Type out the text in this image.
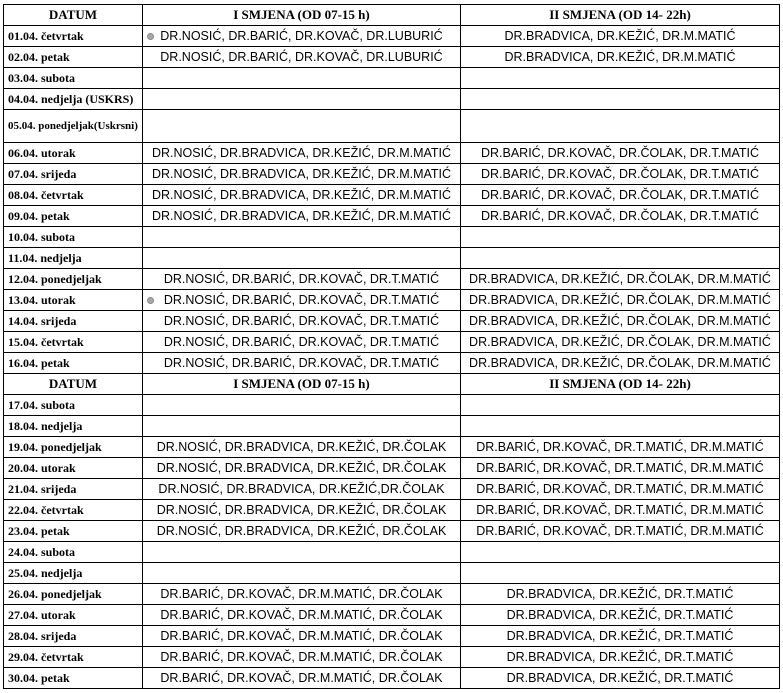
DATUM	I SMJENA (OD 07-15 h)	II SMJENA (OD 14- 22h)
01.04. četvrtak	DR.NOSIĆ, DR.BARIĆ, DR.KOVAČ, DR.LUBURIĆ	DR.BRADVICA, DR.KEŽIĆ, DR.M.MATIĆ
02.04. petak	DR.NOSIĆ, DR.BARIĆ, DR.KOVAČ, DR.LUBURIĆ	DR.BRADVICA, DR.KEŽIĆ, DR.M.MATIĆ
03.04. subota		
04.04. nedjelja (USKRS)		
05.04. ponedjeljak(Uskrsni)		
06.04. utorak	DR.NOSIĆ, DR.BRADVICA, DR.KEŽIĆ, DR.M.MATIĆ	DR.BARIĆ, DR.KOVAČ, DR.ČOLAK, DR.T.MATIĆ
07.04. srijeda	DR.NOSIĆ, DR.BRADVICA, DR.KEŽIĆ, DR.M.MATIĆ	DR.BARIĆ, DR.KOVAČ, DR.ČOLAK, DR.T.MATIĆ
08.04. četvrtak	DR.NOSIĆ, DR.BRADVICA, DR.KEŽIĆ, DR.M.MATIĆ	DR.BARIĆ, DR.KOVAČ, DR.ČOLAK, DR.T.MATIĆ
09.04. petak	DR.NOSIĆ, DR.BRADVICA, DR.KEŽIĆ, DR.M.MATIĆ	DR.BARIĆ, DR.KOVAČ, DR.ČOLAK, DR.T.MATIĆ
10.04. subota		
11.04. nedjelja		
12.04. ponedjeljak	DR.NOSIĆ, DR.BARIĆ, DR.KOVAČ, DR.T.MATIĆ	DR.BRADVICA, DR.KEŽIĆ, DR.ČOLAK, DR.M.MATIĆ
13.04. utorak	DR.NOSIĆ, DR.BARIĆ, DR.KOVAČ, DR.T.MATIĆ	DR.BRADVICA, DR.KEŽIĆ, DR.ČOLAK, DR.M.MATIĆ
14.04. srijeda	DR.NOSIĆ, DR.BARIĆ, DR.KOVAČ, DR.T.MATIĆ	DR.BRADVICA, DR.KEŽIĆ, DR.ČOLAK, DR.M.MATIĆ
15.04. četvrtak	DR.NOSIĆ, DR.BARIĆ, DR.KOVAČ, DR.T.MATIĆ	DR.BRADVICA, DR.KEŽIĆ, DR.ČOLAK, DR.M.MATIĆ
16.04. petak	DR.NOSIĆ, DR.BARIĆ, DR.KOVAČ, DR.T.MATIĆ	DR.BRADVICA, DR.KEŽIĆ, DR.ČOLAK, DR.M.MATIĆ
DATUM	I SMJENA (OD 07-15 h)	II SMJENA (OD 14- 22h)
17.04. subota		
18.04. nedjelja		
19.04. ponedjeljak	DR.NOSIĆ, DR.BRADVICA, DR.KEŽIĆ, DR.ČOLAK	DR.BARIĆ, DR.KOVAČ, DR.T.MATIĆ, DR.M.MATIĆ
20.04. utorak	DR.NOSIĆ, DR.BRADVICA, DR.KEŽIĆ, DR.ČOLAK	DR.BARIĆ, DR.KOVAČ, DR.T.MATIĆ, DR.M.MATIĆ
21.04. srijeda	DR.NOSIĆ, DR.BRADVICA, DR.KEŽIĆ,DR.ČOLAK	DR.BARIĆ, DR.KOVAČ, DR.T.MATIĆ, DR.M.MATIĆ
22.04. četvrtak	DR.NOSIĆ, DR.BRADVICA, DR.KEŽIĆ, DR.ČOLAK	DR.BARIĆ, DR.KOVAČ, DR.T.MATIĆ, DR.M.MATIĆ
23.04. petak	DR.NOSIĆ, DR.BRADVICA, DR.KEŽIĆ, DR.ČOLAK	DR.BARIĆ, DR.KOVAČ, DR.T.MATIĆ, DR.M.MATIĆ
24.04. subota		
25.04. nedjelja		
26.04. ponedjeljak	DR.BARIĆ, DR.KOVAČ, DR.M.MATIĆ, DR.ČOLAK	DR.BRADVICA, DR.KEŽIĆ, DR.T.MATIĆ
27.04. utorak	DR.BARIĆ, DR.KOVAČ, DR.M.MATIĆ, DR.ČOLAK	DR.BRADVICA, DR.KEŽIĆ, DR.T.MATIĆ
28.04. srijeda	DR.BARIĆ, DR.KOVAČ, DR.M.MATIĆ, DR.ČOLAK	DR.BRADVICA, DR.KEŽIĆ, DR.T.MATIĆ
29.04. četvrtak	DR.BARIĆ, DR.KOVAČ, DR.M.MATIĆ, DR.ČOLAK	DR.BRADVICA, DR.KEŽIĆ, DR.T.MATIĆ
30.04. petak	DR.BARIĆ, DR.KOVAČ, DR.M.MATIĆ, DR.ČOLAK	DR.BRADVICA, DR.KEŽIĆ, DR.T.MATIĆ
